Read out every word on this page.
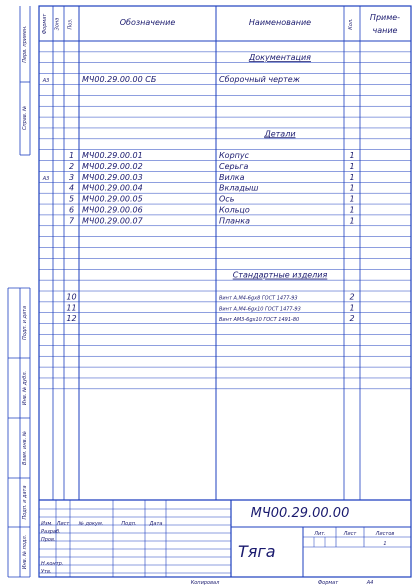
Формат Зона Поз.	Обозначение	Наименование	Кол.
Приме-
чание
Документация
А3	МЧ00.29.00.00 СБ	Сборочный чертеж
Детали
1 МЧ00.29.00.01	Корпус	1
2 МЧ00.29.00.02	Серьга	1
А3 3 МЧ00.29.00.03	Вилка	1
4 МЧ00.29.00.04	Вкладыш	1
5 МЧ00.29.00.05	Ось	1
6 МЧ00.29.00.06	Кольцо	1
7 МЧ00.29.00.07	Планка	1
Стандартные изделия
10	Винт А.М4-6gх8 ГОСТ 1477-93	2
11	Винт А.М4-6gх10 ГОСТ 1477-93	1
12	Винт АМ3-6gх10 ГОСТ 1491-80	2
Перв. примен.
Справ. №
Подп. и дата
Инв. № дубл.
Взам. инв. №
Подп. и дата
Инв. № подл.
Изм. Лист № докум.	Подп.	Дата
Разраб.
Пров.
Н.контр.
Утв.
МЧ00.29.00.00
Тяга
Лит.	Лист	Листов
1
Копировал	Формат	А4
